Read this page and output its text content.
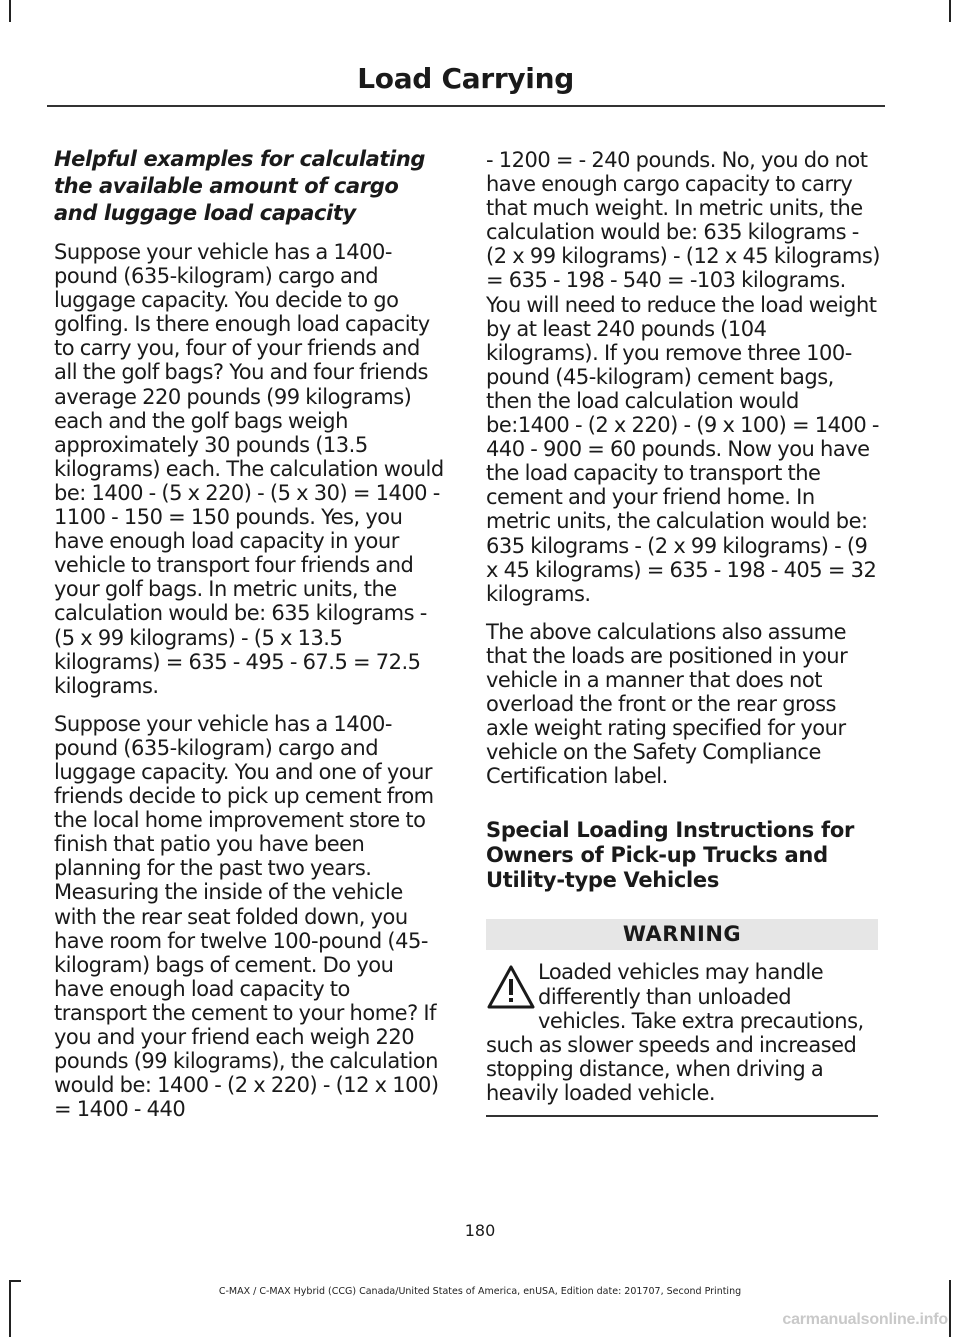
Load Carrying
Helpful examples for calculating the available amount of cargo and luggage load capacity

Suppose your vehicle has a 1400-pound (635-kilogram) cargo and luggage capacity. You decide to go golfing. Is there enough load capacity to carry you, four of your friends and all the golf bags? You and four friends average 220 pounds (99 kilograms) each and the golf bags weigh approximately 30 pounds (13.5 kilograms) each. The calculation would be: 1400 - (5 x 220) - (5 x 30) = 1400 - 1100 - 150 = 150 pounds. Yes, you have enough load capacity in your vehicle to transport four friends and your golf bags. In metric units, the calculation would be: 635 kilograms - (5 x 99 kilograms) - (5 x 13.5 kilograms) = 635 - 495 - 67.5 = 72.5 kilograms.

Suppose your vehicle has a 1400-pound (635-kilogram) cargo and luggage capacity. You and one of your friends decide to pick up cement from the local home improvement store to finish that patio you have been planning for the past two years. Measuring the inside of the vehicle with the rear seat folded down, you have room for twelve 100-pound (45-kilogram) bags of cement. Do you have enough load capacity to transport the cement to your home? If you and your friend each weigh 220 pounds (99 kilograms), the calculation would be: 1400 - (2 x 220) - (12 x 100) = 1400 - 440

- 1200 = - 240 pounds. No, you do not have enough cargo capacity to carry that much weight. In metric units, the calculation would be: 635 kilograms - (2 x 99 kilograms) - (12 x 45 kilograms) = 635 - 198 - 540 = -103 kilograms. You will need to reduce the load weight by at least 240 pounds (104 kilograms). If you remove three 100-pound (45-kilogram) cement bags, then the load calculation would be:1400 - (2 x 220) - (9 x 100) = 1400 - 440 - 900 = 60 pounds. Now you have the load capacity to transport the cement and your friend home. In metric units, the calculation would be: 635 kilograms - (2 x 99 kilograms) - (9 x 45 kilograms) = 635 - 198 - 405 = 32 kilograms.

The above calculations also assume that the loads are positioned in your vehicle in a manner that does not overload the front or the rear gross axle weight rating specified for your vehicle on the Safety Compliance Certification label.

Special Loading Instructions for Owners of Pick-up Trucks and Utility-type Vehicles
WARNING

Loaded vehicles may handle differently than unloaded vehicles. Take extra precautions, such as slower speeds and increased stopping distance, when driving a heavily loaded vehicle.

180
C-MAX / C-MAX Hybrid (CCG) Canada/United States of America, enUSA, Edition date: 201707, Second Printing
carmanualsonline.info
